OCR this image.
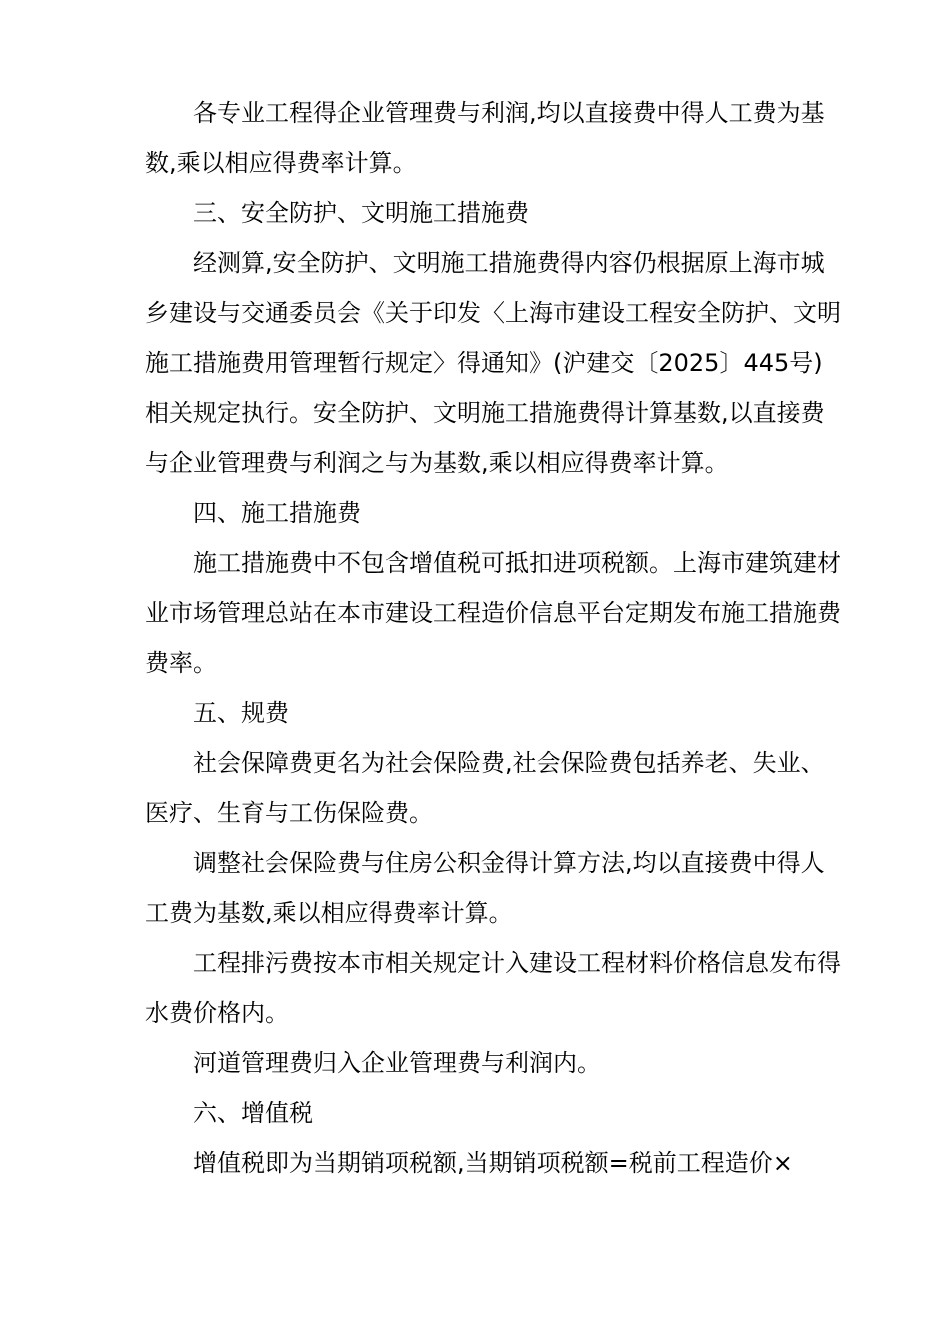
各专业工程得企业管理费与利润,均以直接费中得人工费为基数,乘以相应得费率计算。

三、安全防护、文明施工措施费

经测算,安全防护、文明施工措施费得内容仍根据原上海市城乡建设与交通委员会《关于印发〈上海市建设工程安全防护、文明施工措施费用管理暂行规定〉得通知》(沪建交〔2025〕445号)相关规定执行。安全防护、文明施工措施费得计算基数,以直接费与企业管理费与利润之与为基数,乘以相应得费率计算。

四、施工措施费

施工措施费中不包含增值税可抵扣进项税额。上海市建筑建材业市场管理总站在本市建设工程造价信息平台定期发布施工措施费费率。

五、规费

社会保障费更名为社会保险费,社会保险费包括养老、失业、医疗、生育与工伤保险费。

调整社会保险费与住房公积金得计算方法,均以直接费中得人工费为基数,乘以相应得费率计算。

工程排污费按本市相关规定计入建设工程材料价格信息发布得水费价格内。

河道管理费归入企业管理费与利润内。

六、增值税

增值税即为当期销项税额,当期销项税额=税前工程造价×
